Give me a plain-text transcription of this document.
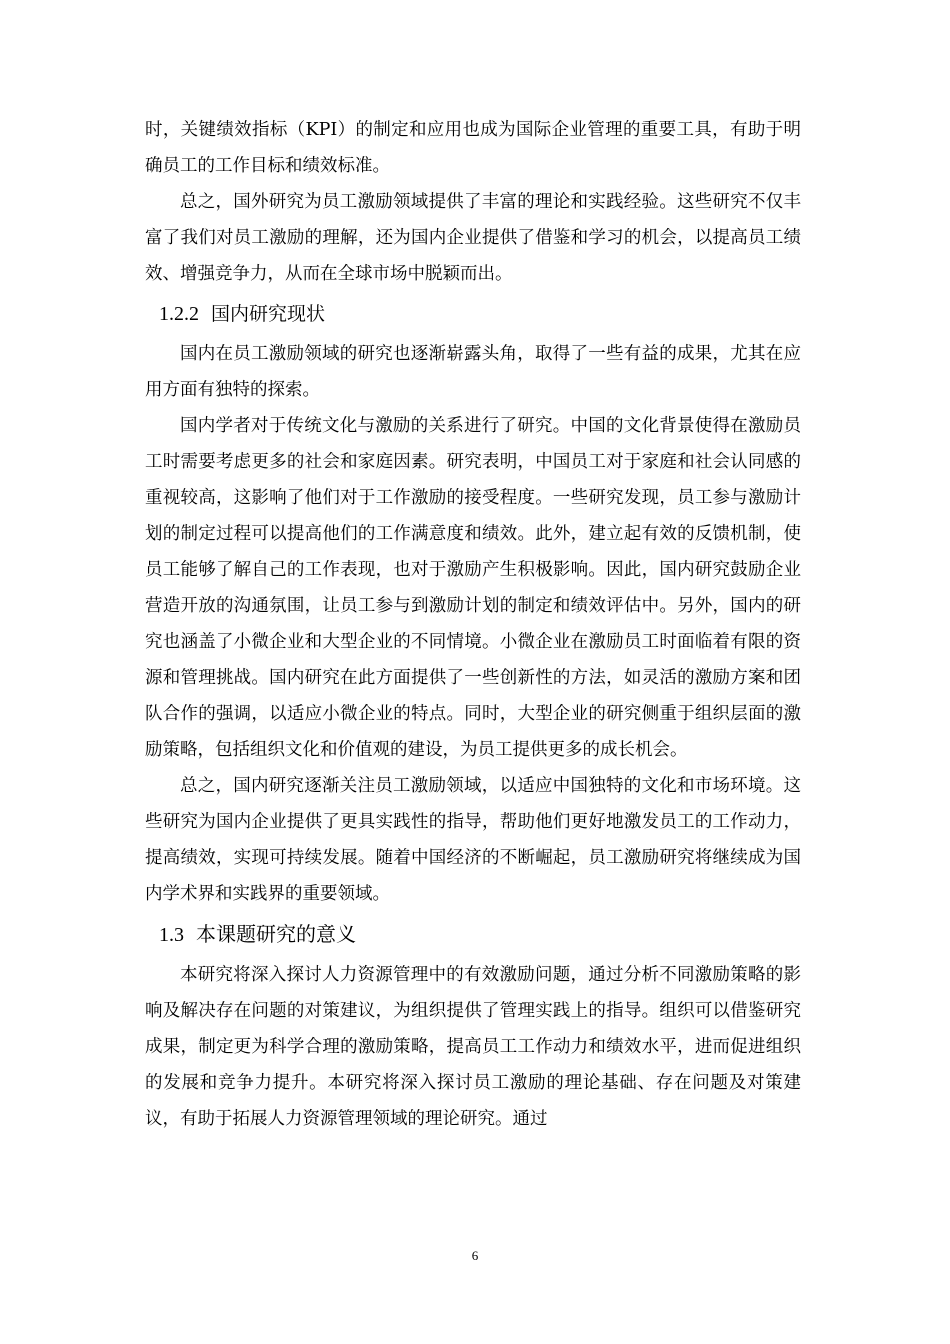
时，关键绩效指标（KPI）的制定和应用也成为国际企业管理的重要工具，有助于明确员工的工作目标和绩效标准。

总之，国外研究为员工激励领域提供了丰富的理论和实践经验。这些研究不仅丰富了我们对员工激励的理解，还为国内企业提供了借鉴和学习的机会，以提高员工绩效、增强竞争力，从而在全球市场中脱颖而出。

1.2.2 国内研究现状

国内在员工激励领域的研究也逐渐崭露头角，取得了一些有益的成果，尤其在应用方面有独特的探索。

国内学者对于传统文化与激励的关系进行了研究。中国的文化背景使得在激励员工时需要考虑更多的社会和家庭因素。研究表明，中国员工对于家庭和社会认同感的重视较高，这影响了他们对于工作激励的接受程度。一些研究发现，员工参与激励计划的制定过程可以提高他们的工作满意度和绩效。此外，建立起有效的反馈机制，使员工能够了解自己的工作表现，也对于激励产生积极影响。因此，国内研究鼓励企业营造开放的沟通氛围，让员工参与到激励计划的制定和绩效评估中。另外，国内的研究也涵盖了小微企业和大型企业的不同情境。小微企业在激励员工时面临着有限的资源和管理挑战。国内研究在此方面提供了一些创新性的方法，如灵活的激励方案和团队合作的强调，以适应小微企业的特点。同时，大型企业的研究侧重于组织层面的激励策略，包括组织文化和价值观的建设，为员工提供更多的成长机会。

总之，国内研究逐渐关注员工激励领域，以适应中国独特的文化和市场环境。这些研究为国内企业提供了更具实践性的指导，帮助他们更好地激发员工的工作动力，提高绩效，实现可持续发展。随着中国经济的不断崛起，员工激励研究将继续成为国内学术界和实践界的重要领域。

1.3 本课题研究的意义

本研究将深入探讨人力资源管理中的有效激励问题，通过分析不同激励策略的影响及解决存在问题的对策建议，为组织提供了管理实践上的指导。组织可以借鉴研究成果，制定更为科学合理的激励策略，提高员工工作动力和绩效水平，进而促进组织的发展和竞争力提升。本研究将深入探讨员工激励的理论基础、存在问题及对策建议，有助于拓展人力资源管理领域的理论研究。通过

6
